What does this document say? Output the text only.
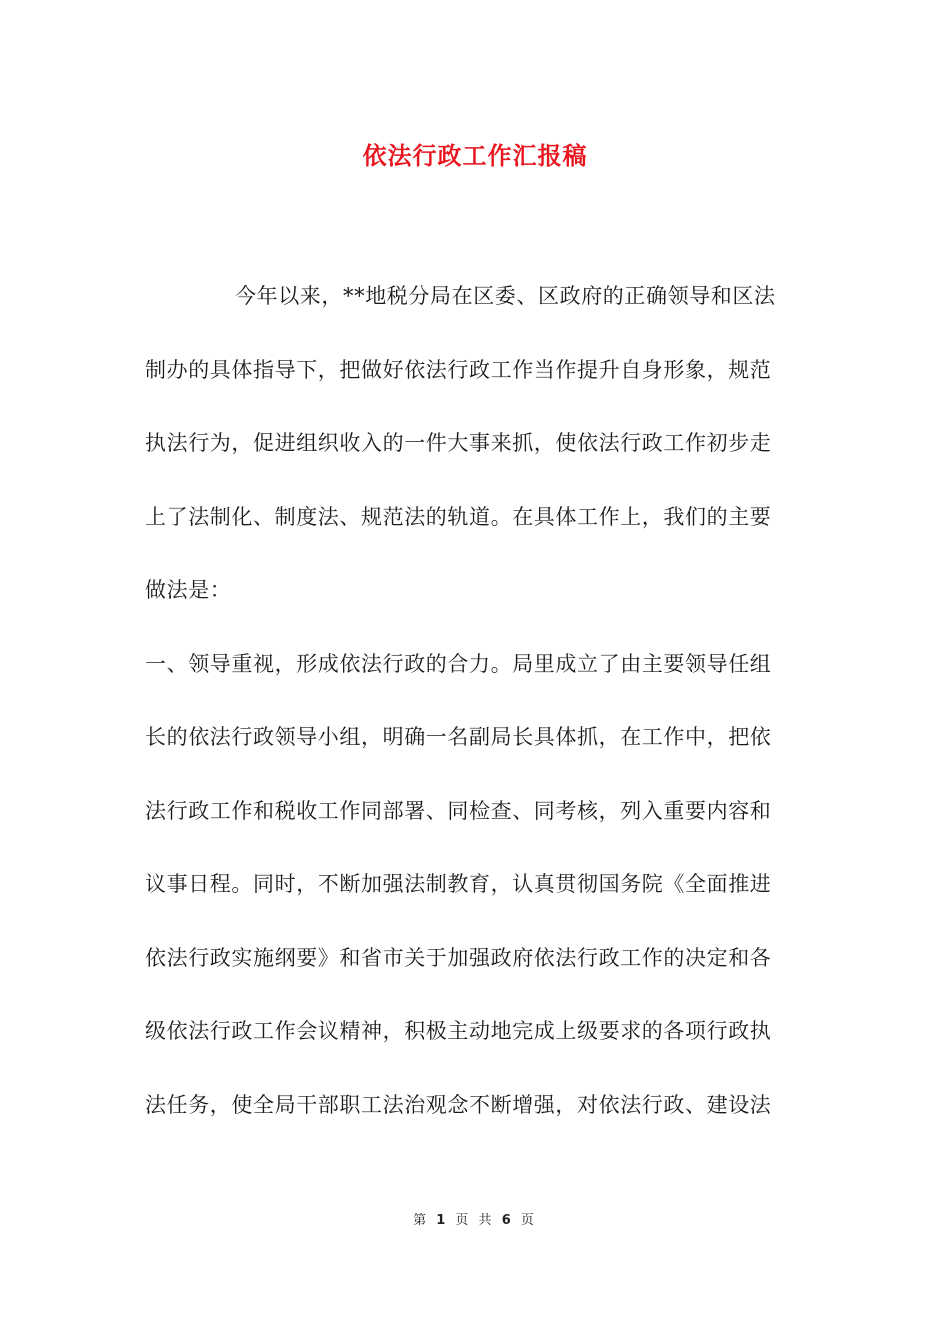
依法行政工作汇报稿
今年以来，**地税分局在区委、区政府的正确领导和区法
制办的具体指导下，把做好依法行政工作当作提升自身形象，规范
执法行为，促进组织收入的一件大事来抓，使依法行政工作初步走
上了法制化、制度法、规范法的轨道。在具体工作上，我们的主要
做法是：
一、领导重视，形成依法行政的合力。局里成立了由主要领导任组
长的依法行政领导小组，明确一名副局长具体抓，在工作中，把依
法行政工作和税收工作同部署、同检查、同考核，列入重要内容和
议事日程。同时，不断加强法制教育，认真贯彻国务院《全面推进
依法行政实施纲要》和省市关于加强政府依法行政工作的决定和各
级依法行政工作会议精神，积极主动地完成上级要求的各项行政执
法任务，使全局干部职工法治观念不断增强，对依法行政、建设法
第 1 页 共 6 页
